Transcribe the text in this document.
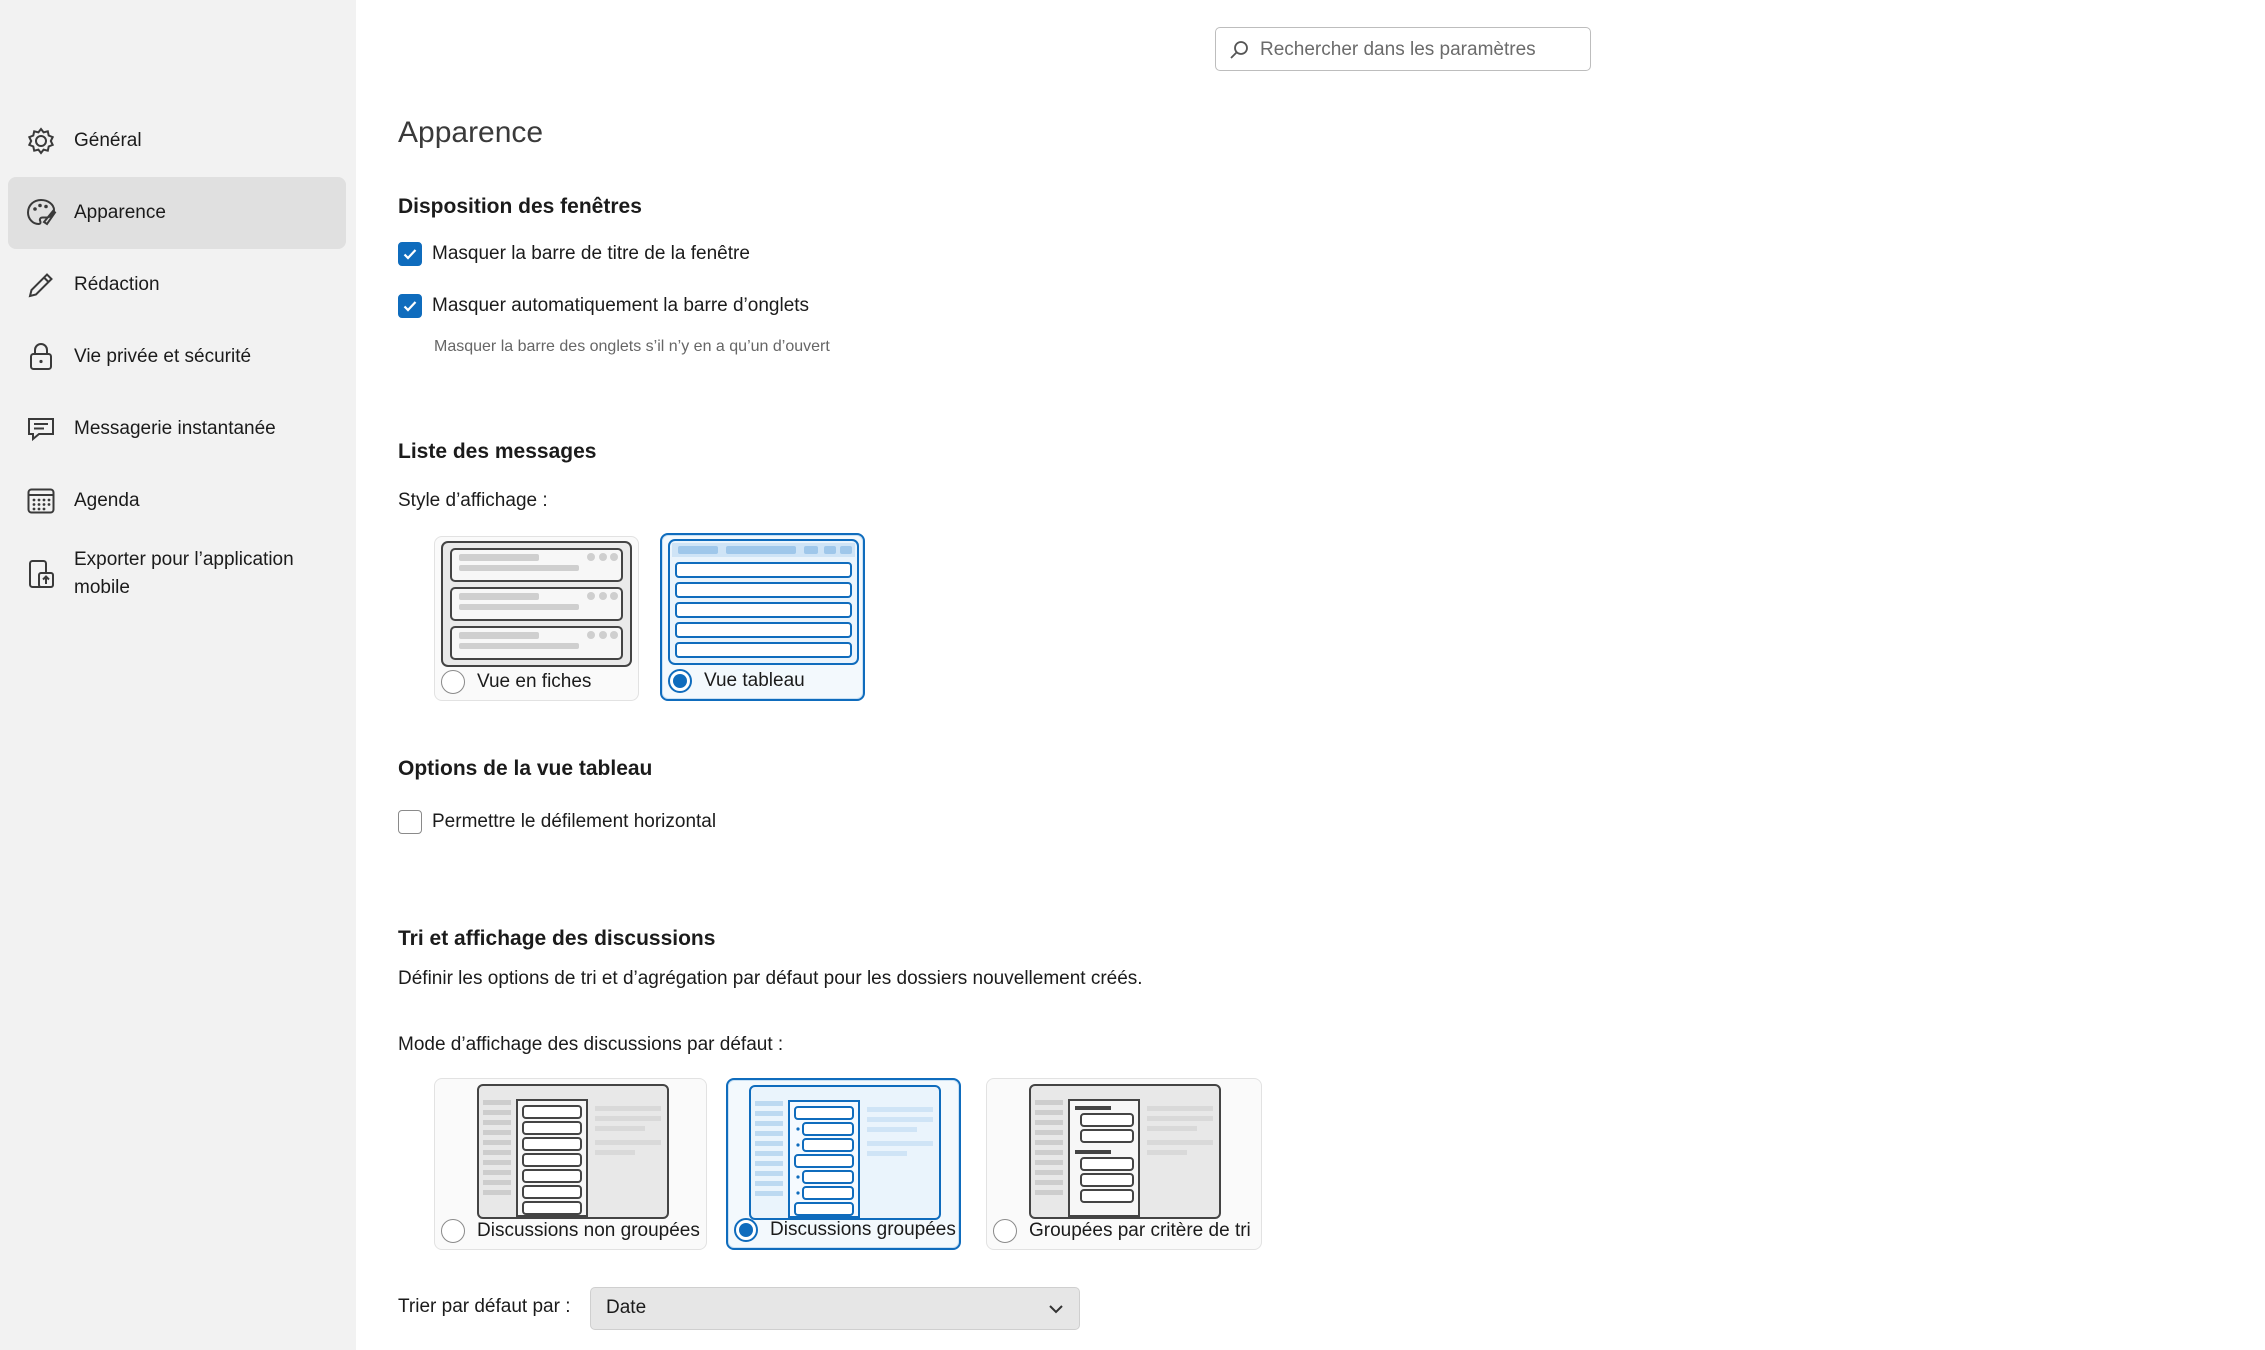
Général
Apparence
Rédaction
Vie privée et sécurité
Messagerie instantanée
Agenda
Exporter pour l’application mobile
Rechercher dans les paramètres
Apparence
Disposition des fenêtres
Masquer la barre de titre de la fenêtre
Masquer automatiquement la barre d’onglets
Masquer la barre des onglets s’il n’y en a qu’un d’ouvert
Liste des messages
Style d’affichage :
Vue en fiches	Vue tableau
Options de la vue tableau
Permettre le défilement horizontal
Tri et affichage des discussions
Définir les options de tri et d’agrégation par défaut pour les dossiers nouvellement créés.
Mode d’affichage des discussions par défaut :
Discussions non groupées	Discussions groupées	Groupées par critère de tri
Trier par défaut par : Date
